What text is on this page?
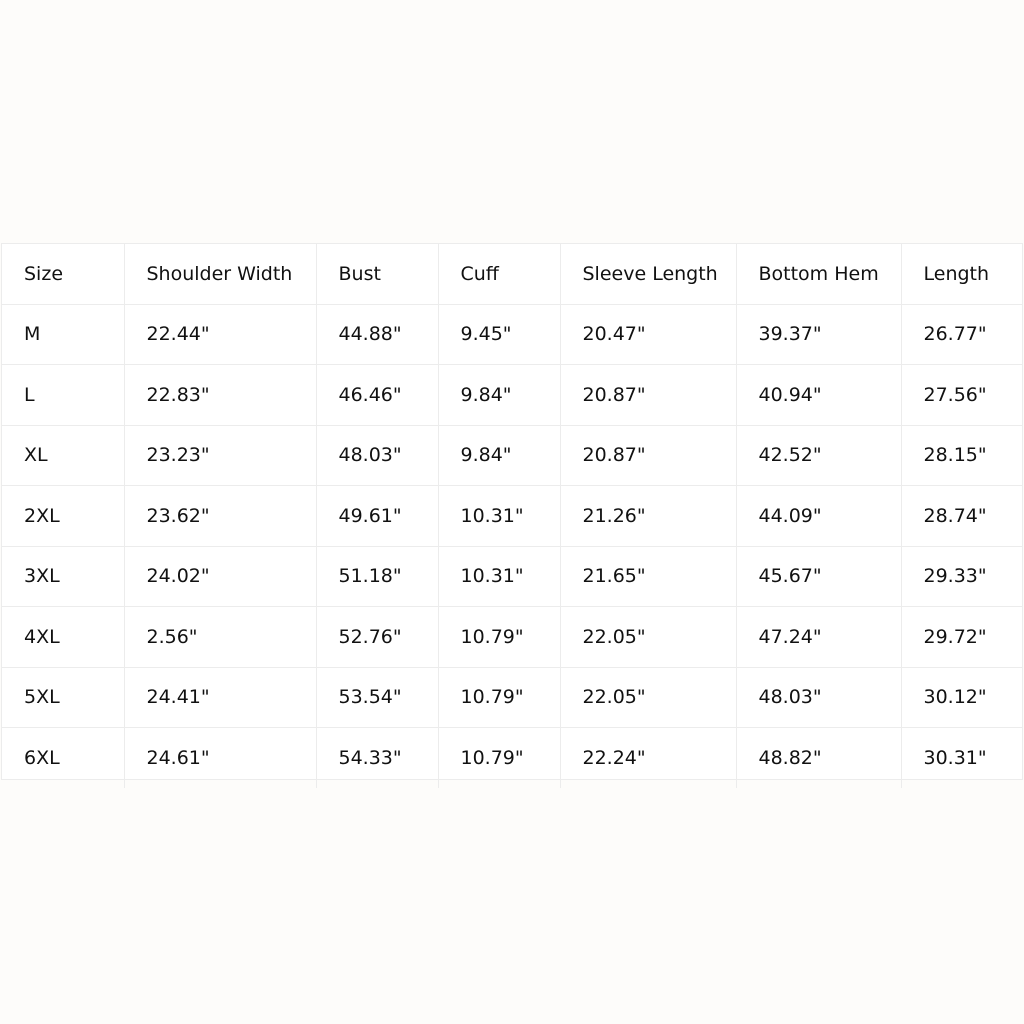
Size	Shoulder Width	Bust	Cuff	Sleeve Length	Bottom Hem	Length
M	22.44"	44.88"	9.45"	20.47"	39.37"	26.77"
L	22.83"	46.46"	9.84"	20.87"	40.94"	27.56"
XL	23.23"	48.03"	9.84"	20.87"	42.52"	28.15"
2XL	23.62"	49.61"	10.31"	21.26"	44.09"	28.74"
3XL	24.02"	51.18"	10.31"	21.65"	45.67"	29.33"
4XL	2.56"	52.76"	10.79"	22.05"	47.24"	29.72"
5XL	24.41"	53.54"	10.79"	22.05"	48.03"	30.12"
6XL	24.61"	54.33"	10.79"	22.24"	48.82"	30.31"
